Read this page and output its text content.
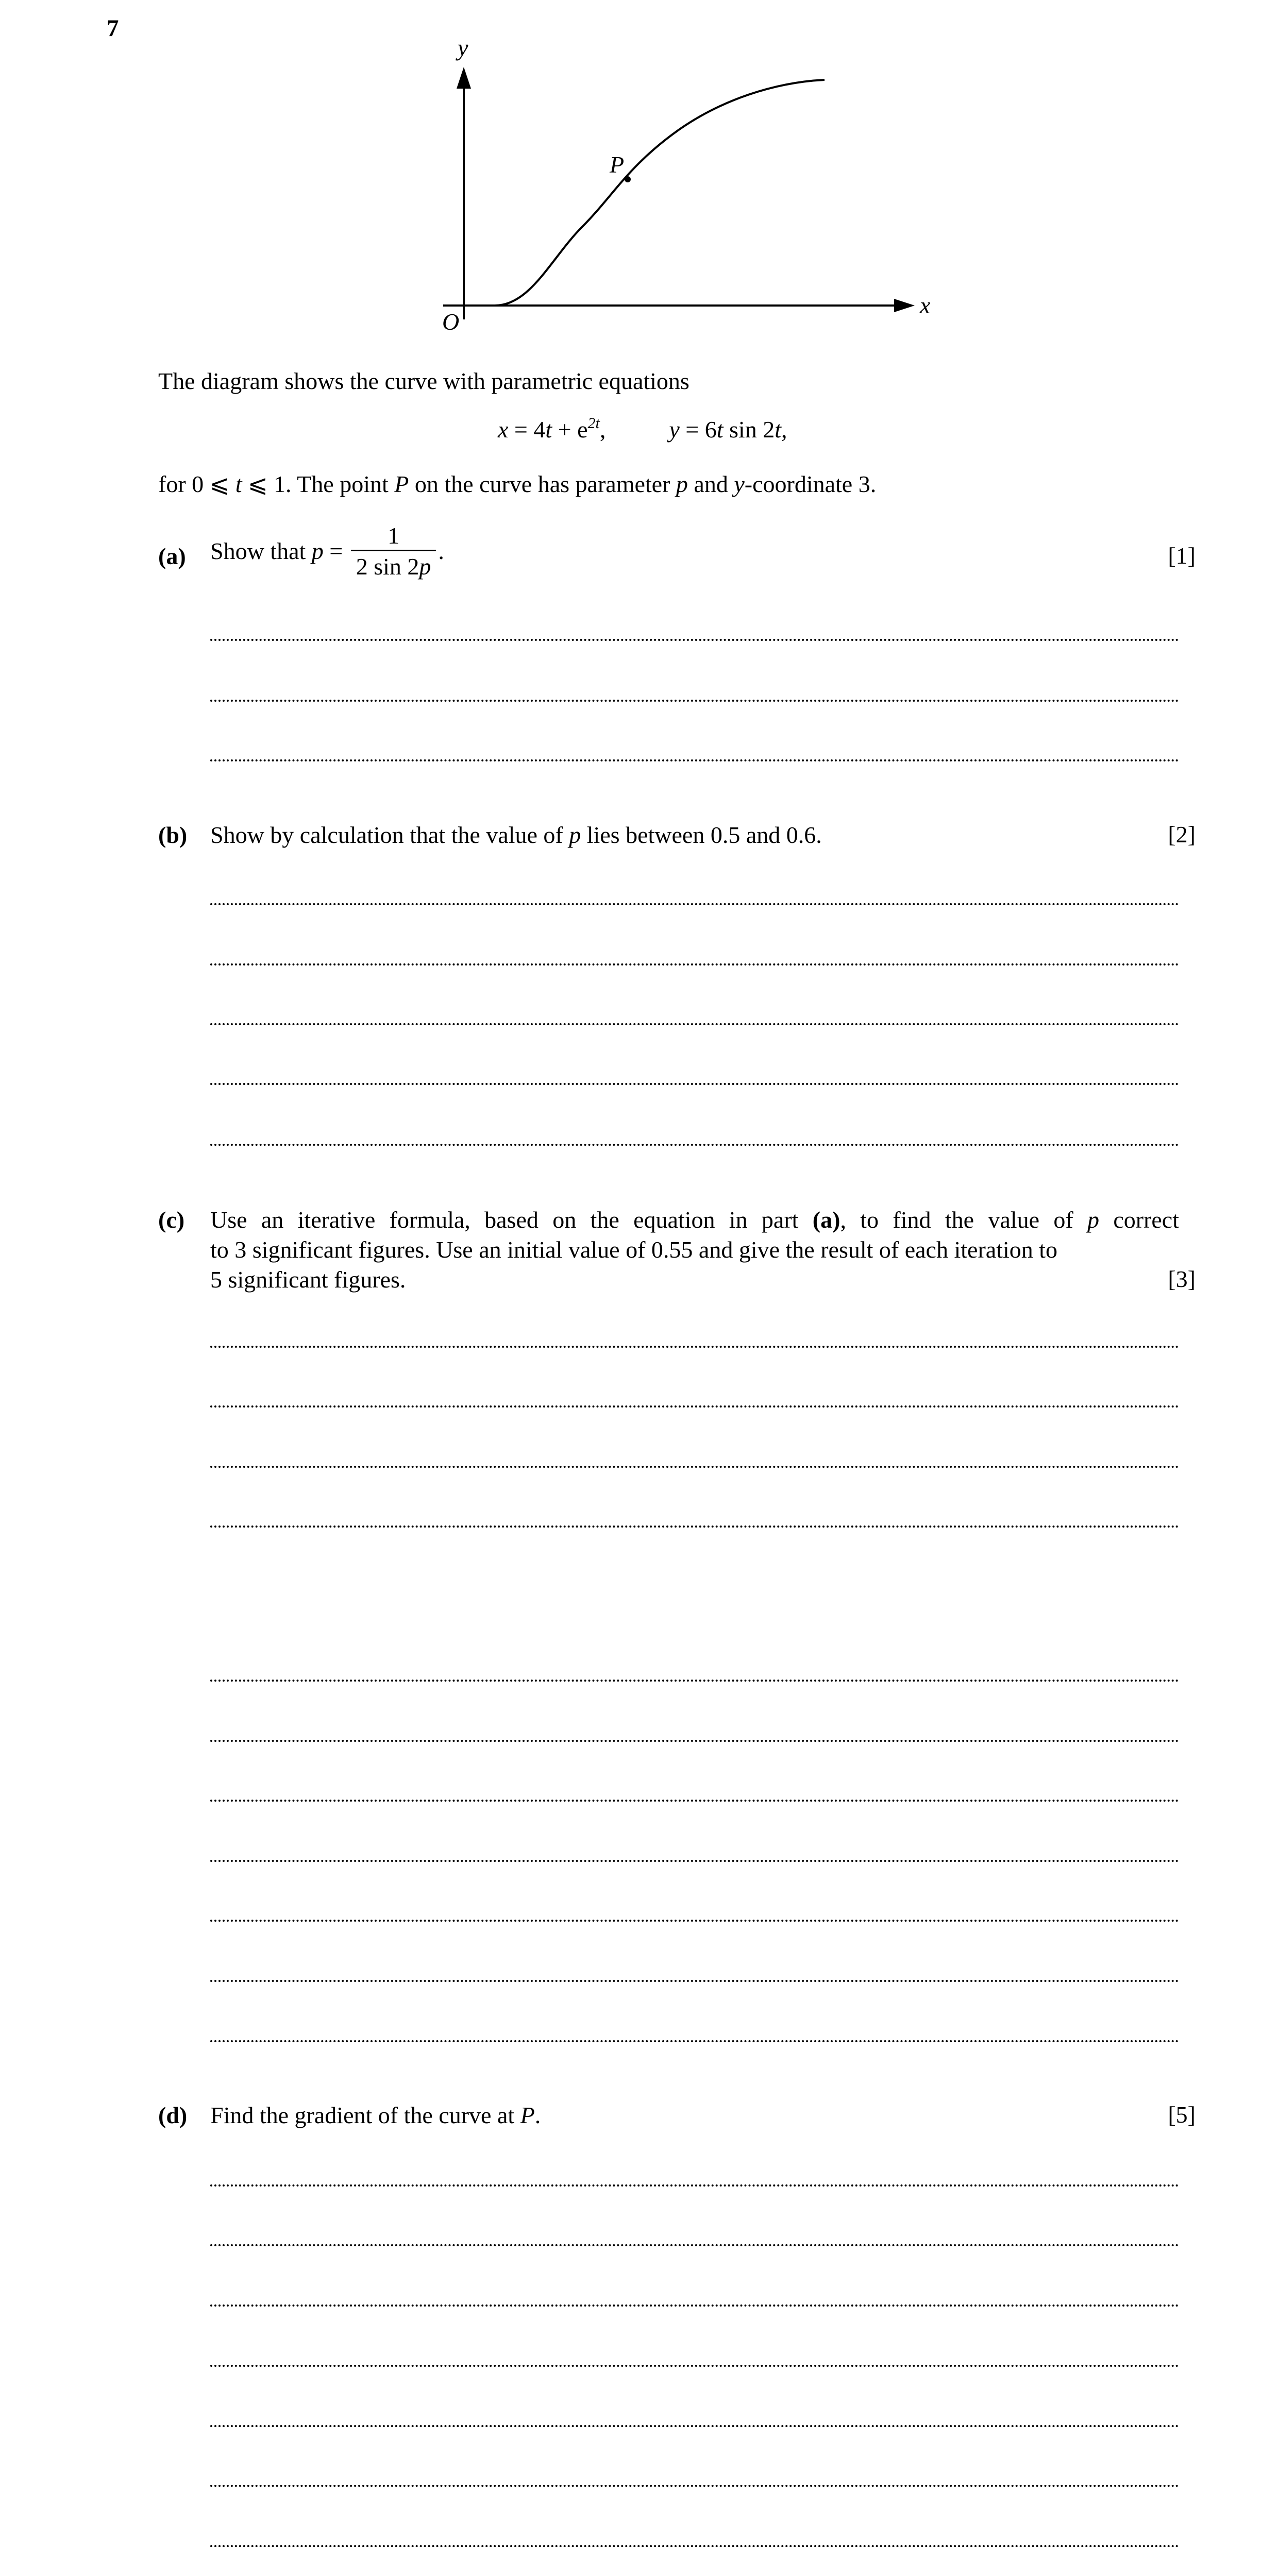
7
y
x
O
P
The diagram shows the curve with parametric equations
$x = 4t + e^{2t}$,	y = 6t sin 2t,
for 0 ⩽ t ⩽ 1. The point P on the curve has parameter p and y-coordinate 3.
(a) Show that $p = \frac{1}{2 \sin 2p}$ .	[1]
(b) Show by calculation that the value of p lies between 0.5 and 0.6.	[2]
(c) Use an iterative formula, based on the equation in part (a), to find the value of p correct
to 3 significant figures. Use an initial value of 0.55 and give the result of each iteration to
5 significant figures.	[3]
(d) Find the gradient of the curve at P.	[5]
